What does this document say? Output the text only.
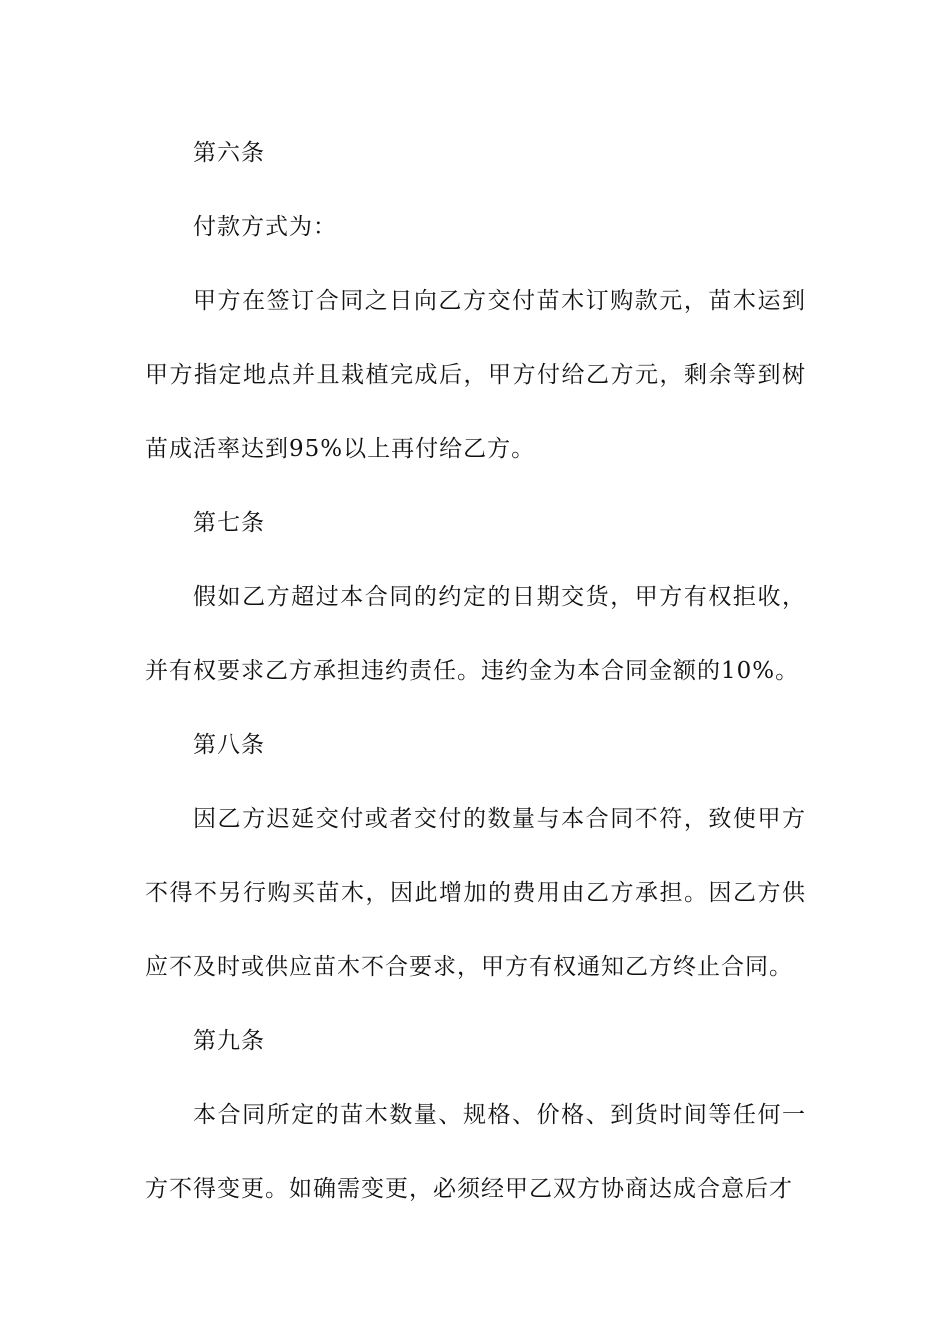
第六条

付款方式为：

甲方在签订合同之日向乙方交付苗木订购款元，苗木运到甲方指定地点并且栽植完成后，甲方付给乙方元，剩余等到树苗成活率达到95%以上再付给乙方。

第七条

假如乙方超过本合同的约定的日期交货，甲方有权拒收，并有权要求乙方承担违约责任。违约金为本合同金额的10%。

第八条

因乙方迟延交付或者交付的数量与本合同不符，致使甲方不得不另行购买苗木，因此增加的费用由乙方承担。因乙方供应不及时或供应苗木不合要求，甲方有权通知乙方终止合同。

第九条

本合同所定的苗木数量、规格、价格、到货时间等任何一方不得变更。如确需变更，必须经甲乙双方协商达成合意后才
